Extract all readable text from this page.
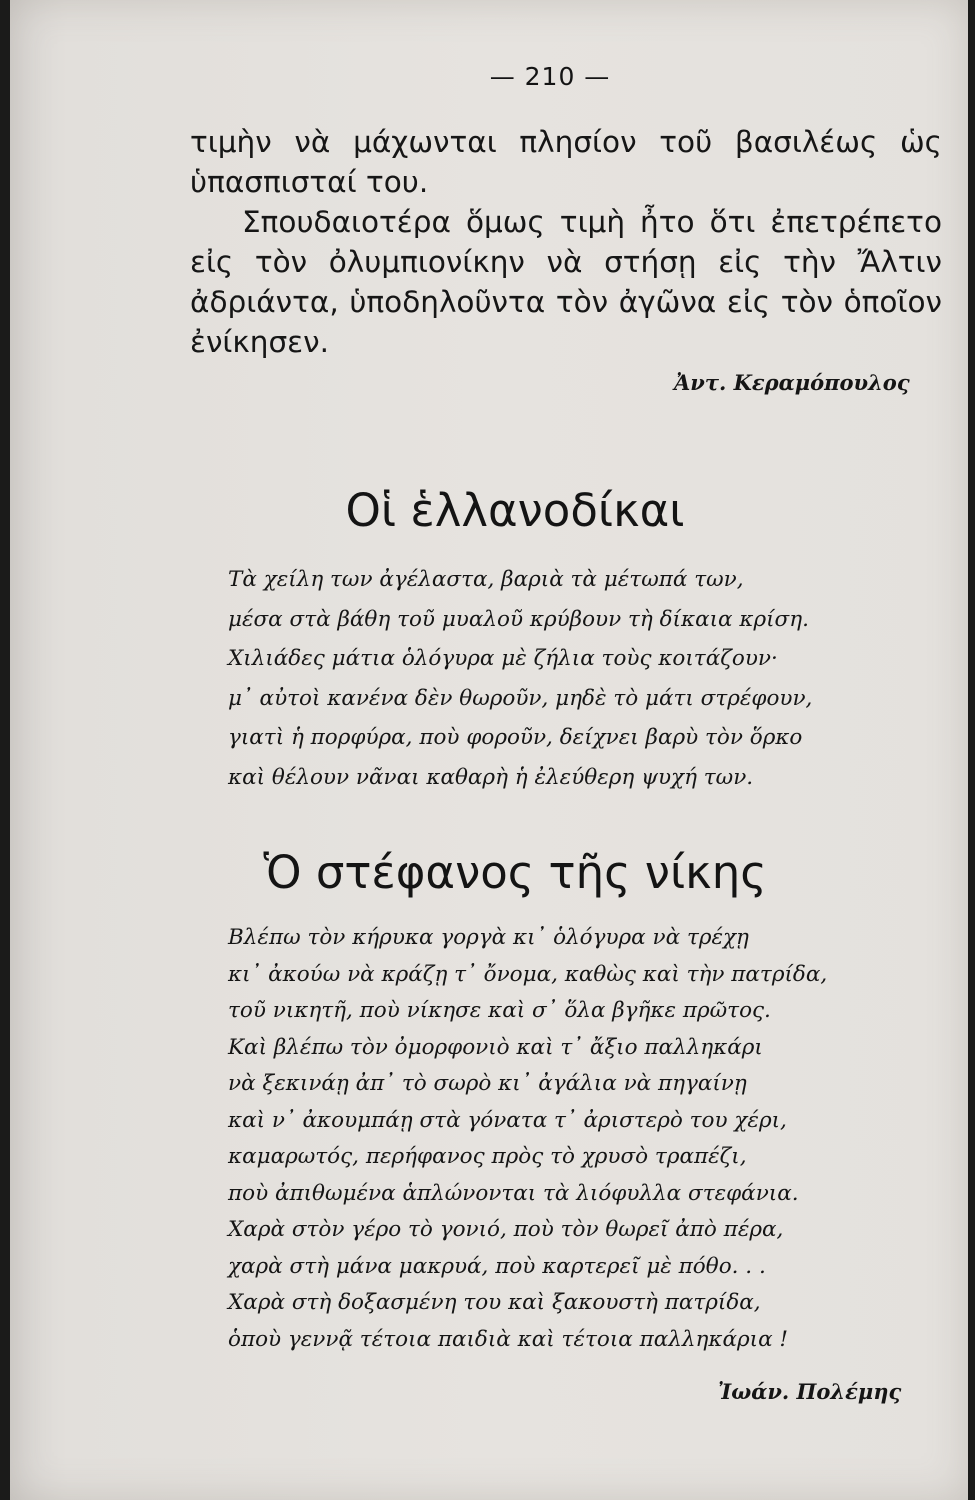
— 210 —

τιμὴν νὰ μάχωνται πλησίον τοῦ βασιλέως ὡς ὑπασπισταί του.

Σπουδαιοτέρα ὅμως τιμὴ ἦτο ὅτι ἐπετρέπετο εἰς τὸν ὀλυμπιονίκην νὰ στήσῃ εἰς τὴν Ἄλτιν ἀδριάντα, ὑποδηλοῦντα τὸν ἀγῶνα εἰς τὸν ὁποῖον ἐνίκησεν.

Ἀντ. Κεραμόπουλος
Οἱ ἑλλανοδίκαι
Τὰ χείλη των ἀγέλαστα, βαριὰ τὰ μέτωπά των,
μέσα στὰ βάθη τοῦ μυαλοῦ κρύβουν τὴ δίκαια κρίση.
Χιλιάδες μάτια ὁλόγυρα μὲ ζήλια τοὺς κοιτάζουν·
μ᾽ αὐτοὶ κανένα δὲν θωροῦν, μηδὲ τὸ μάτι στρέφουν,
γιατὶ ἡ πορφύρα, ποὺ φοροῦν, δείχνει βαρὺ τὸν ὅρκο
καὶ θέλουν νᾶναι καθαρὴ ἡ ἐλεύθερη ψυχή των.
Ὁ στέφανος τῆς νίκης
Βλέπω τὸν κήρυκα γοργὰ κι᾽ ὁλόγυρα νὰ τρέχῃ
κι᾽ ἀκούω νὰ κράζῃ τ᾽ ὄνομα, καθὼς καὶ τὴν πατρίδα,
τοῦ νικητῆ, ποὺ νίκησε καὶ σ᾽ ὅλα βγῆκε πρῶτος.
Καὶ βλέπω τὸν ὀμορφονιὸ καὶ τ᾽ ἄξιο παλληκάρι
νὰ ξεκινάῃ ἀπ᾽ τὸ σωρὸ κι᾽ ἀγάλια νὰ πηγαίνῃ
καὶ ν᾽ ἀκουμπάῃ στὰ γόνατα τ᾽ ἀριστερὸ του χέρι,
καμαρωτός, περήφανος πρὸς τὸ χρυσὸ τραπέζι,
ποὺ ἀπιθωμένα ἁπλώνονται τὰ λιόφυλλα στεφάνια.
Χαρὰ στὸν γέρο τὸ γονιό, ποὺ τὸν θωρεῖ ἀπὸ πέρα,
χαρὰ στὴ μάνα μακρυά, ποὺ καρτερεῖ μὲ πόθο. . .
Χαρὰ στὴ δοξασμένη του καὶ ξακουστὴ πατρίδα,
ὁποὺ γεννᾷ τέτοια παιδιὰ καὶ τέτοια παλληκάρια !
Ἰωάν. Πολέμης
